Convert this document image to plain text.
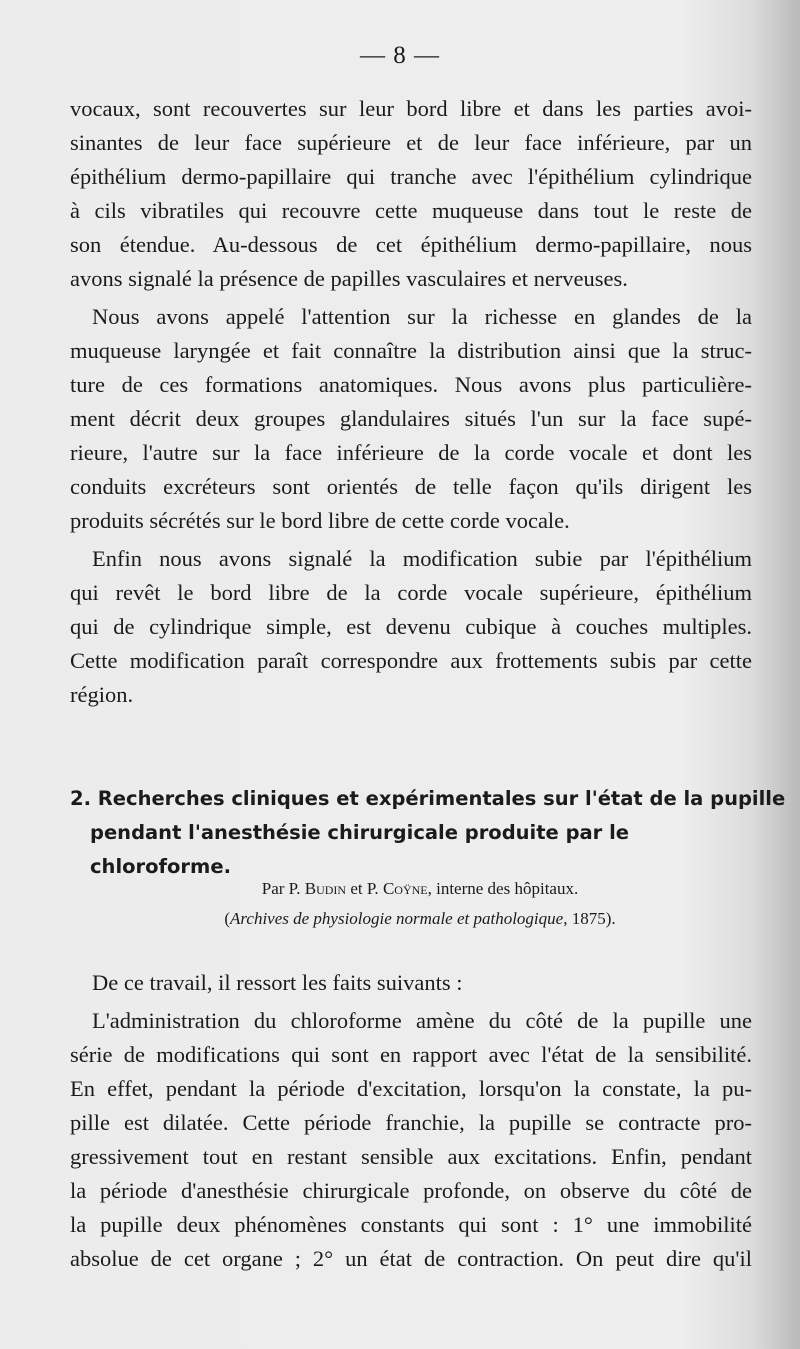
— 8 —
vocaux, sont recouvertes sur leur bord libre et dans les parties avoi-
sinantes de leur face supérieure et de leur face inférieure, par un
épithélium dermo-papillaire qui tranche avec l'épithélium cylindrique
à cils vibratiles qui recouvre cette muqueuse dans tout le reste de
son étendue. Au-dessous de cet épithélium dermo-papillaire, nous
avons signalé la présence de papilles vasculaires et nerveuses.
Nous avons appelé l'attention sur la richesse en glandes de la
muqueuse laryngée et fait connaître la distribution ainsi que la struc-
ture de ces formations anatomiques. Nous avons plus particulière-
ment décrit deux groupes glandulaires situés l'un sur la face supé-
rieure, l'autre sur la face inférieure de la corde vocale et dont les
conduits excréteurs sont orientés de telle façon qu'ils dirigent les
produits sécrétés sur le bord libre de cette corde vocale.
Enfin nous avons signalé la modification subie par l'épithélium
qui revêt le bord libre de la corde vocale supérieure, épithélium
qui de cylindrique simple, est devenu cubique à couches multiples.
Cette modification paraît correspondre aux frottements subis par cette
région.
2. Recherches cliniques et expérimentales sur l'état de la pupille
pendant l'anesthésie chirurgicale produite par le chloroforme.
Par P. Budin et P. Coÿne, interne des hôpitaux.
(Archives de physiologie normale et pathologique, 1875).
De ce travail, il ressort les faits suivants :
L'administration du chloroforme amène du côté de la pupille une
série de modifications qui sont en rapport avec l'état de la sensibilité.
En effet, pendant la période d'excitation, lorsqu'on la constate, la pu-
pille est dilatée. Cette période franchie, la pupille se contracte pro-
gressivement tout en restant sensible aux excitations. Enfin, pendant
la période d'anesthésie chirurgicale profonde, on observe du côté de
la pupille deux phénomènes constants qui sont : 1° une immobilité
absolue de cet organe ; 2° un état de contraction. On peut dire qu'il
